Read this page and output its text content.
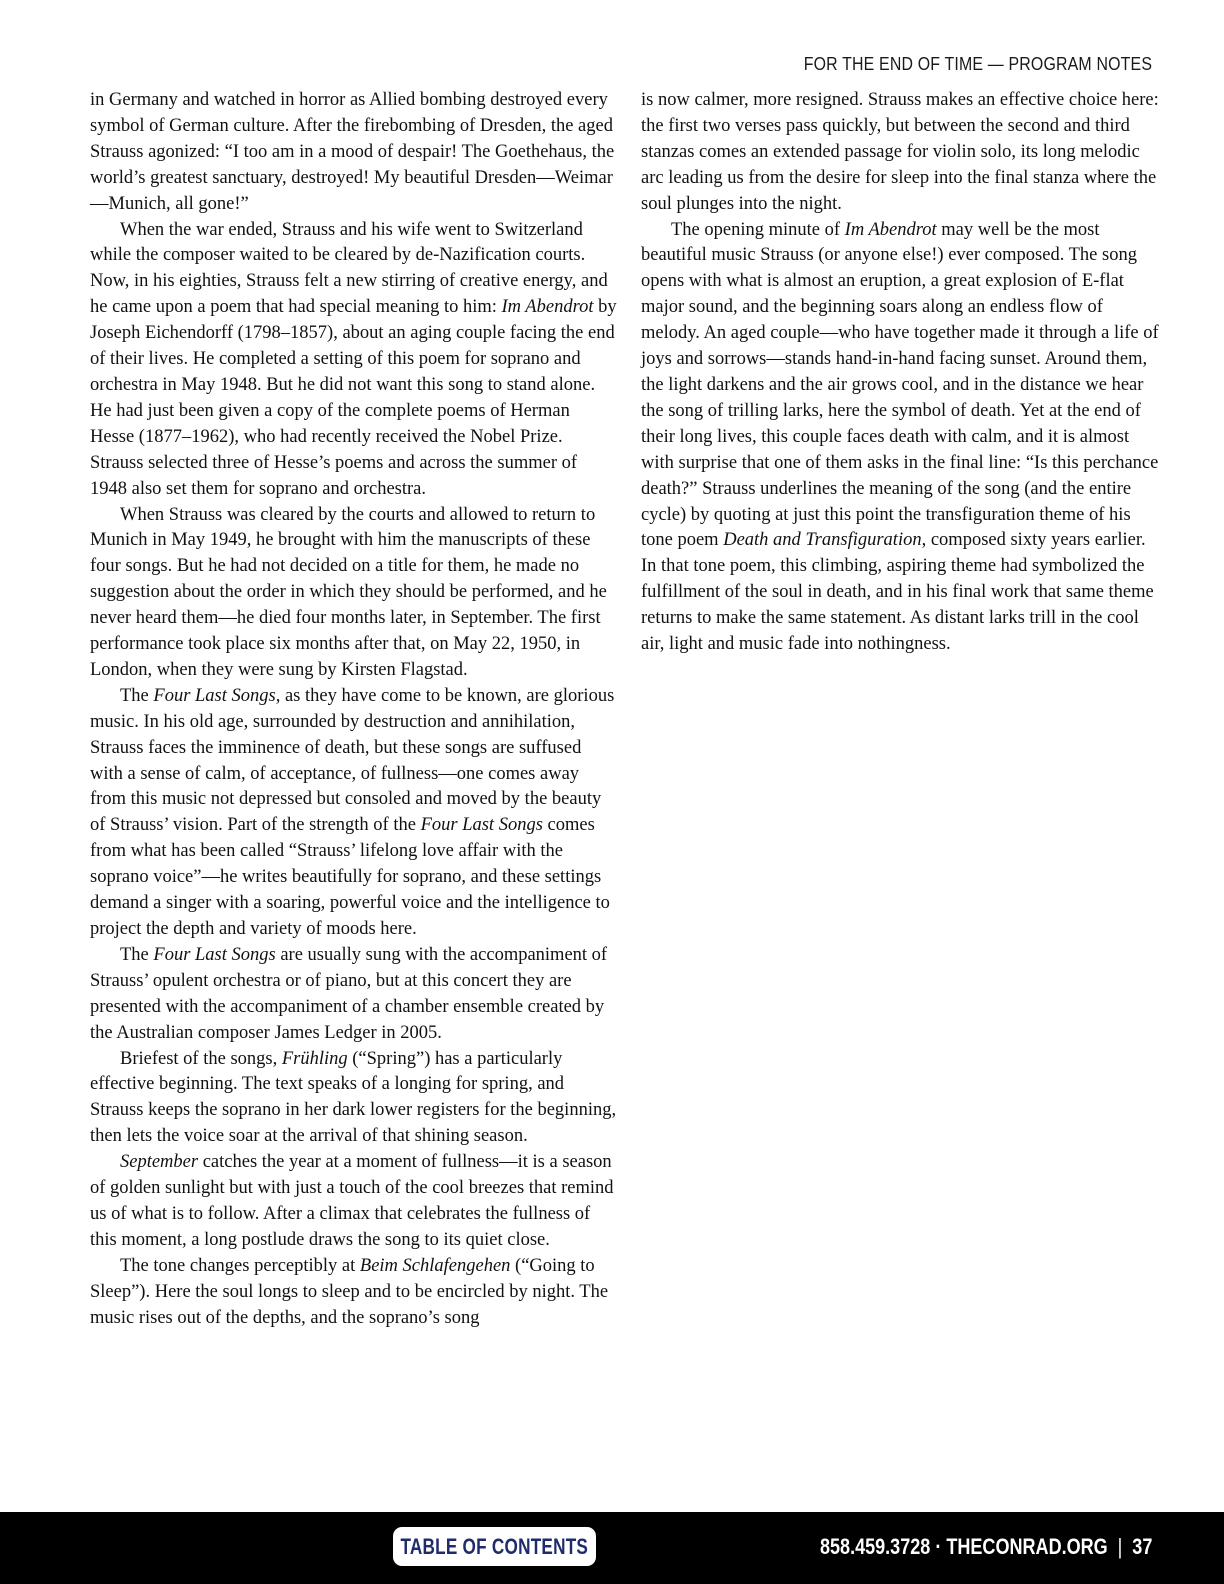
FOR THE END OF TIME — PROGRAM NOTES

in Germany and watched in horror as Allied bombing destroyed every symbol of German culture. After the firebombing of Dresden, the aged Strauss agonized: “I too am in a mood of despair! The Goethehaus, the world’s greatest sanctuary, destroyed! My beautiful Dresden—Weimar—Munich, all gone!”

When the war ended, Strauss and his wife went to Switzerland while the composer waited to be cleared by de-Nazification courts. Now, in his eighties, Strauss felt a new stirring of creative energy, and he came upon a poem that had special meaning to him: Im Abendrot by Joseph Eichendorff (1798–1857), about an aging couple facing the end of their lives. He completed a setting of this poem for soprano and orchestra in May 1948. But he did not want this song to stand alone. He had just been given a copy of the complete poems of Herman Hesse (1877–1962), who had recently received the Nobel Prize. Strauss selected three of Hesse’s poems and across the summer of 1948 also set them for soprano and orchestra.

When Strauss was cleared by the courts and allowed to return to Munich in May 1949, he brought with him the manuscripts of these four songs. But he had not decided on a title for them, he made no suggestion about the order in which they should be performed, and he never heard them—he died four months later, in September. The first performance took place six months after that, on May 22, 1950, in London, when they were sung by Kirsten Flagstad.

The Four Last Songs, as they have come to be known, are glorious music. In his old age, surrounded by destruction and annihilation, Strauss faces the imminence of death, but these songs are suffused with a sense of calm, of acceptance, of fullness—one comes away from this music not depressed but consoled and moved by the beauty of Strauss’ vision. Part of the strength of the Four Last Songs comes from what has been called “Strauss’ lifelong love affair with the soprano voice”—he writes beautifully for soprano, and these settings demand a singer with a soaring, powerful voice and the intelligence to project the depth and variety of moods here.

The Four Last Songs are usually sung with the accompaniment of Strauss’ opulent orchestra or of piano, but at this concert they are presented with the accompaniment of a chamber ensemble created by the Australian composer James Ledger in 2005.

Briefest of the songs, Frühling (“Spring”) has a particularly effective beginning. The text speaks of a longing for spring, and Strauss keeps the soprano in her dark lower registers for the beginning, then lets the voice soar at the arrival of that shining season.

September catches the year at a moment of fullness—it is a season of golden sunlight but with just a touch of the cool breezes that remind us of what is to follow. After a climax that celebrates the fullness of this moment, a long postlude draws the song to its quiet close.

The tone changes perceptibly at Beim Schlafengehen (“Going to Sleep”). Here the soul longs to sleep and to be encircled by night. The music rises out of the depths, and the soprano’s song

is now calmer, more resigned. Strauss makes an effective choice here: the first two verses pass quickly, but between the second and third stanzas comes an extended passage for violin solo, its long melodic arc leading us from the desire for sleep into the final stanza where the soul plunges into the night.

The opening minute of Im Abendrot may well be the most beautiful music Strauss (or anyone else!) ever composed. The song opens with what is almost an eruption, a great explosion of E-flat major sound, and the beginning soars along an endless flow of melody. An aged couple—who have together made it through a life of joys and sorrows—stands hand-in-hand facing sunset. Around them, the light darkens and the air grows cool, and in the distance we hear the song of trilling larks, here the symbol of death. Yet at the end of their long lives, this couple faces death with calm, and it is almost with surprise that one of them asks in the final line: “Is this perchance death?” Strauss underlines the meaning of the song (and the entire cycle) by quoting at just this point the transfiguration theme of his tone poem Death and Transfiguration, composed sixty years earlier. In that tone poem, this climbing, aspiring theme had symbolized the fulfillment of the soul in death, and in his final work that same theme returns to make the same statement. As distant larks trill in the cool air, light and music fade into nothingness.

TABLE OF CONTENTS	858.459.3728 · THECONRAD.ORG | 37
